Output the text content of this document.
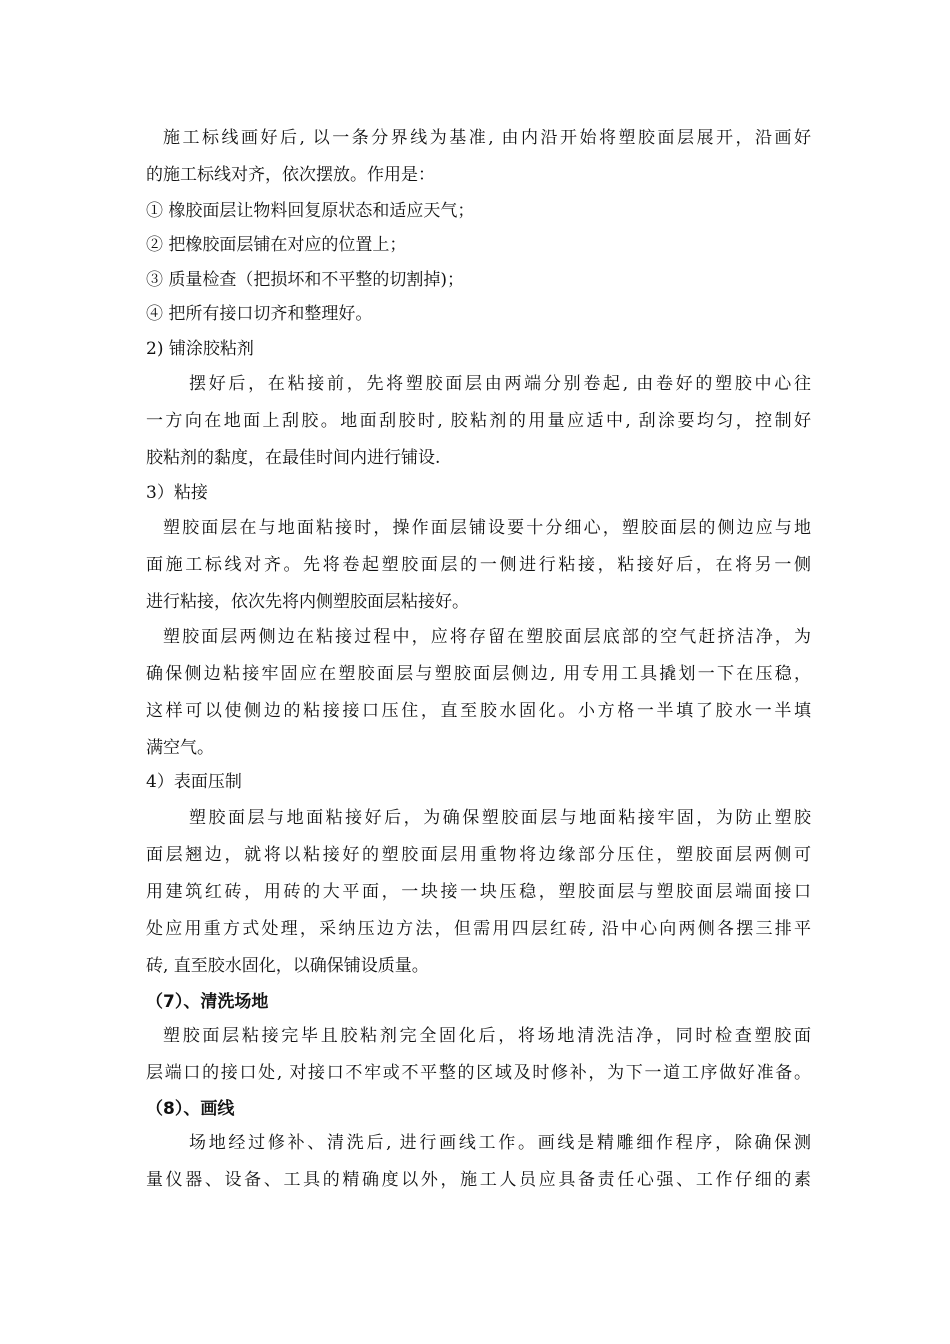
施工标线画好后, 以一条分界线为基准, 由内沿开始将塑胶面层展开，沿画好
的施工标线对齐，依次摆放。作用是：
① 橡胶面层让物料回复原状态和适应天气；
② 把橡胶面层铺在对应的位置上；
③ 质量检查（把损坏和不平整的切割掉)；
④ 把所有接口切齐和整理好。
2) 铺涂胶粘剂
摆好后，在粘接前，先将塑胶面层由两端分别卷起, 由卷好的塑胶中心往
一方向在地面上刮胶。地面刮胶时, 胶粘剂的用量应适中, 刮涂要均匀，控制好
胶粘剂的黏度，在最佳时间内进行铺设.
3）粘接
塑胶面层在与地面粘接时，操作面层铺设要十分细心，塑胶面层的侧边应与地
面施工标线对齐。先将卷起塑胶面层的一侧进行粘接，粘接好后，在将另一侧
进行粘接，依次先将内侧塑胶面层粘接好。
塑胶面层两侧边在粘接过程中，应将存留在塑胶面层底部的空气赶挤洁净，为
确保侧边粘接牢固应在塑胶面层与塑胶面层侧边, 用专用工具撬划一下在压稳，
这样可以使侧边的粘接接口压住，直至胶水固化。小方格一半填了胶水一半填
满空气。
4）表面压制
塑胶面层与地面粘接好后，为确保塑胶面层与地面粘接牢固，为防止塑胶
面层翘边，就将以粘接好的塑胶面层用重物将边缘部分压住，塑胶面层两侧可
用建筑红砖，用砖的大平面，一块接一块压稳，塑胶面层与塑胶面层端面接口
处应用重方式处理，采纳压边方法，但需用四层红砖, 沿中心向两侧各摆三排平
砖, 直至胶水固化，以确保铺设质量。
（7）、清洗场地
塑胶面层粘接完毕且胶粘剂完全固化后，将场地清洗洁净，同时检查塑胶面
层端口的接口处, 对接口不牢或不平整的区域及时修补，为下一道工序做好准备。
（8）、画线
场地经过修补、清洗后, 进行画线工作。画线是精雕细作程序，除确保测
量仪器、设备、工具的精确度以外，施工人员应具备责任心强、工作仔细的素
